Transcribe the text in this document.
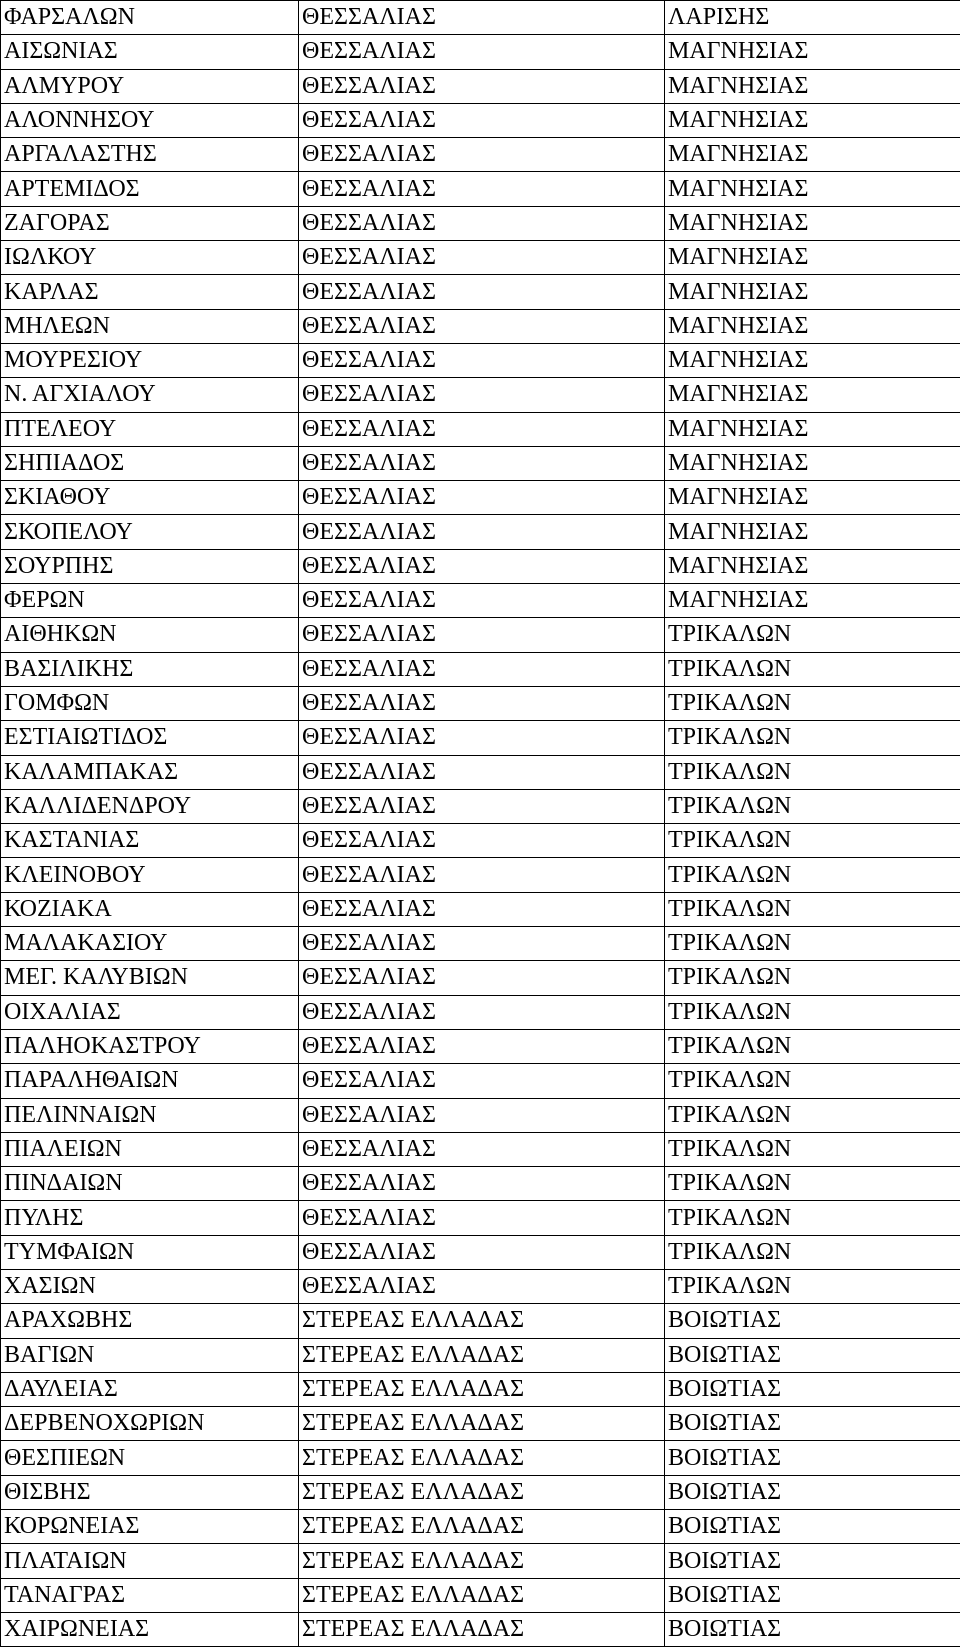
ΦΑΡΣΑΛΩΝ	ΘΕΣΣΑΛΙΑΣ	ΛΑΡΙΣΗΣ
ΑΙΣΩΝΙΑΣ	ΘΕΣΣΑΛΙΑΣ	ΜΑΓΝΗΣΙΑΣ
ΑΛΜΥΡΟΥ	ΘΕΣΣΑΛΙΑΣ	ΜΑΓΝΗΣΙΑΣ
ΑΛΟΝΝΗΣΟΥ	ΘΕΣΣΑΛΙΑΣ	ΜΑΓΝΗΣΙΑΣ
ΑΡΓΑΛΑΣΤΗΣ	ΘΕΣΣΑΛΙΑΣ	ΜΑΓΝΗΣΙΑΣ
ΑΡΤΕΜΙΔΟΣ	ΘΕΣΣΑΛΙΑΣ	ΜΑΓΝΗΣΙΑΣ
ΖΑΓΟΡΑΣ	ΘΕΣΣΑΛΙΑΣ	ΜΑΓΝΗΣΙΑΣ
ΙΩΛΚΟΥ	ΘΕΣΣΑΛΙΑΣ	ΜΑΓΝΗΣΙΑΣ
ΚΑΡΛΑΣ	ΘΕΣΣΑΛΙΑΣ	ΜΑΓΝΗΣΙΑΣ
ΜΗΛΕΩΝ	ΘΕΣΣΑΛΙΑΣ	ΜΑΓΝΗΣΙΑΣ
ΜΟΥΡΕΣΙΟΥ	ΘΕΣΣΑΛΙΑΣ	ΜΑΓΝΗΣΙΑΣ
Ν. ΑΓΧΙΑΛΟΥ	ΘΕΣΣΑΛΙΑΣ	ΜΑΓΝΗΣΙΑΣ
ΠΤΕΛΕΟΥ	ΘΕΣΣΑΛΙΑΣ	ΜΑΓΝΗΣΙΑΣ
ΣΗΠΙΑΔΟΣ	ΘΕΣΣΑΛΙΑΣ	ΜΑΓΝΗΣΙΑΣ
ΣΚΙΑΘΟΥ	ΘΕΣΣΑΛΙΑΣ	ΜΑΓΝΗΣΙΑΣ
ΣΚΟΠΕΛΟΥ	ΘΕΣΣΑΛΙΑΣ	ΜΑΓΝΗΣΙΑΣ
ΣΟΥΡΠΗΣ	ΘΕΣΣΑΛΙΑΣ	ΜΑΓΝΗΣΙΑΣ
ΦΕΡΩΝ	ΘΕΣΣΑΛΙΑΣ	ΜΑΓΝΗΣΙΑΣ
ΑΙΘΗΚΩΝ	ΘΕΣΣΑΛΙΑΣ	ΤΡΙΚΑΛΩΝ
ΒΑΣΙΛΙΚΗΣ	ΘΕΣΣΑΛΙΑΣ	ΤΡΙΚΑΛΩΝ
ΓΟΜΦΩΝ	ΘΕΣΣΑΛΙΑΣ	ΤΡΙΚΑΛΩΝ
ΕΣΤΙΑΙΩΤΙΔΟΣ	ΘΕΣΣΑΛΙΑΣ	ΤΡΙΚΑΛΩΝ
ΚΑΛΑΜΠΑΚΑΣ	ΘΕΣΣΑΛΙΑΣ	ΤΡΙΚΑΛΩΝ
ΚΑΛΛΙΔΕΝΔΡΟΥ	ΘΕΣΣΑΛΙΑΣ	ΤΡΙΚΑΛΩΝ
ΚΑΣΤΑΝΙΑΣ	ΘΕΣΣΑΛΙΑΣ	ΤΡΙΚΑΛΩΝ
ΚΛΕΙΝΟΒΟΥ	ΘΕΣΣΑΛΙΑΣ	ΤΡΙΚΑΛΩΝ
ΚΟΖΙΑΚΑ	ΘΕΣΣΑΛΙΑΣ	ΤΡΙΚΑΛΩΝ
ΜΑΛΑΚΑΣΙΟΥ	ΘΕΣΣΑΛΙΑΣ	ΤΡΙΚΑΛΩΝ
ΜΕΓ. ΚΑΛΥΒΙΩΝ	ΘΕΣΣΑΛΙΑΣ	ΤΡΙΚΑΛΩΝ
ΟΙΧΑΛΙΑΣ	ΘΕΣΣΑΛΙΑΣ	ΤΡΙΚΑΛΩΝ
ΠΑΛΗΟΚΑΣΤΡΟΥ	ΘΕΣΣΑΛΙΑΣ	ΤΡΙΚΑΛΩΝ
ΠΑΡΑΛΗΘΑΙΩΝ	ΘΕΣΣΑΛΙΑΣ	ΤΡΙΚΑΛΩΝ
ΠΕΛΙΝΝΑΙΩΝ	ΘΕΣΣΑΛΙΑΣ	ΤΡΙΚΑΛΩΝ
ΠΙΑΛΕΙΩΝ	ΘΕΣΣΑΛΙΑΣ	ΤΡΙΚΑΛΩΝ
ΠΙΝΔΑΙΩΝ	ΘΕΣΣΑΛΙΑΣ	ΤΡΙΚΑΛΩΝ
ΠΥΛΗΣ	ΘΕΣΣΑΛΙΑΣ	ΤΡΙΚΑΛΩΝ
ΤΥΜΦΑΙΩΝ	ΘΕΣΣΑΛΙΑΣ	ΤΡΙΚΑΛΩΝ
ΧΑΣΙΩΝ	ΘΕΣΣΑΛΙΑΣ	ΤΡΙΚΑΛΩΝ
ΑΡΑΧΩΒΗΣ	ΣΤΕΡΕΑΣ ΕΛΛΑΔΑΣ	ΒΟΙΩΤΙΑΣ
ΒΑΓΙΩΝ	ΣΤΕΡΕΑΣ ΕΛΛΑΔΑΣ	ΒΟΙΩΤΙΑΣ
ΔΑΥΛΕΙΑΣ	ΣΤΕΡΕΑΣ ΕΛΛΑΔΑΣ	ΒΟΙΩΤΙΑΣ
ΔΕΡΒΕΝΟΧΩΡΙΩΝ	ΣΤΕΡΕΑΣ ΕΛΛΑΔΑΣ	ΒΟΙΩΤΙΑΣ
ΘΕΣΠΙΕΩΝ	ΣΤΕΡΕΑΣ ΕΛΛΑΔΑΣ	ΒΟΙΩΤΙΑΣ
ΘΙΣΒΗΣ	ΣΤΕΡΕΑΣ ΕΛΛΑΔΑΣ	ΒΟΙΩΤΙΑΣ
ΚΟΡΩΝΕΙΑΣ	ΣΤΕΡΕΑΣ ΕΛΛΑΔΑΣ	ΒΟΙΩΤΙΑΣ
ΠΛΑΤΑΙΩΝ	ΣΤΕΡΕΑΣ ΕΛΛΑΔΑΣ	ΒΟΙΩΤΙΑΣ
ΤΑΝΑΓΡΑΣ	ΣΤΕΡΕΑΣ ΕΛΛΑΔΑΣ	ΒΟΙΩΤΙΑΣ
ΧΑΙΡΩΝΕΙΑΣ	ΣΤΕΡΕΑΣ ΕΛΛΑΔΑΣ	ΒΟΙΩΤΙΑΣ
